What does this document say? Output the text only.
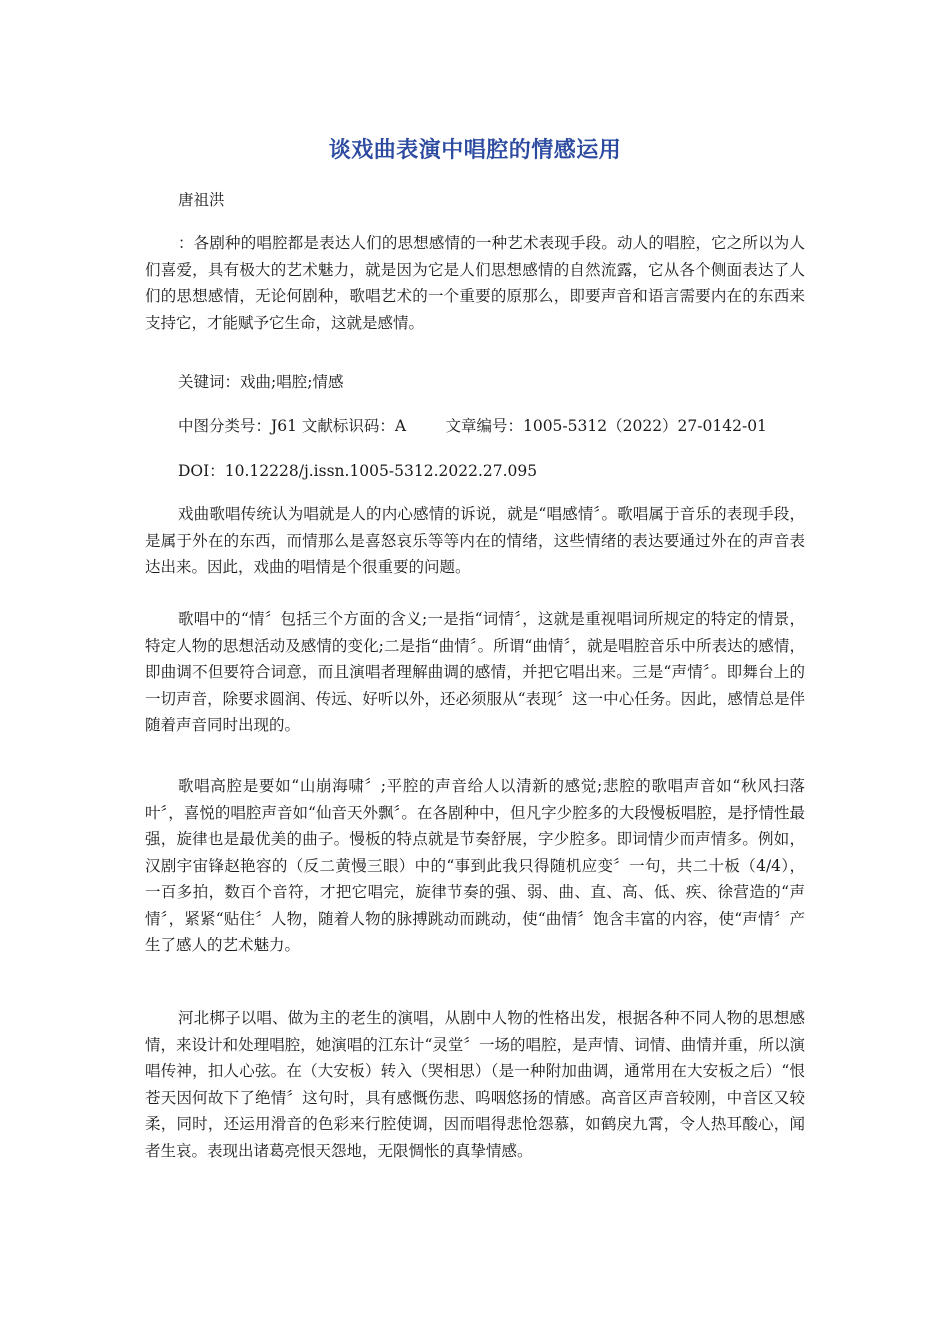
谈戏曲表演中唱腔的情感运用
唐祖洪

：各剧种的唱腔都是表达人们的思想感情的一种艺术表现手段。动人的唱腔，它之所以为人们喜爱，具有极大的艺术魅力，就是因为它是人们思想感情的自然流露，它从各个侧面表达了人们的思想感情，无论何剧种，歌唱艺术的一个重要的原那么，即要声音和语言需要内在的东西来支持它，才能赋予它生命，这就是感情。

关键词：戏曲;唱腔;情感
中图分类号：J61 文献标识码：A        文章编号：1005-5312（2022）27-0142-01
DOI：10.12228/j.issn.1005-5312.2022.27.095

戏曲歌唱传统认为唱就是人的内心感情的诉说，就是“唱感情〞。歌唱属于音乐的表现手段，是属于外在的东西，而情那么是喜怒哀乐等等内在的情绪，这些情绪的表达要通过外在的声音表达出来。因此，戏曲的唱情是个很重要的问题。

歌唱中的“情〞包括三个方面的含义;一是指“词情〞，这就是重视唱词所规定的特定的情景，特定人物的思想活动及感情的变化;二是指“曲情〞。所谓“曲情〞，就是唱腔音乐中所表达的感情，即曲调不但要符合词意，而且演唱者理解曲调的感情，并把它唱出来。三是“声情〞。即舞台上的一切声音，除要求圆润、传远、好听以外，还必须服从“表现〞这一中心任务。因此，感情总是伴随着声音同时出现的。

歌唱高腔是要如“山崩海啸〞;平腔的声音给人以清新的感觉;悲腔的歌唱声音如“秋风扫落叶〞，喜悦的唱腔声音如“仙音天外飘〞。在各剧种中，但凡字少腔多的大段慢板唱腔，是抒情性最强，旋律也是最优美的曲子。慢板的特点就是节奏舒展，字少腔多。即词情少而声情多。例如，汉剧宇宙锋赵艳容的（反二黄慢三眼）中的“事到此我只得随机应变〞一句，共二十板（4/4），一百多拍，数百个音符，才把它唱完，旋律节奏的强、弱、曲、直、高、低、疾、徐营造的“声情〞，紧紧“贴住〞人物，随着人物的脉搏跳动而跳动，使“曲情〞饱含丰富的内容，使“声情〞产生了感人的艺术魅力。

河北梆子以唱、做为主的老生的演唱，从剧中人物的性格出发，根据各种不同人物的思想感情，来设计和处理唱腔，她演唱的江东计“灵堂〞一场的唱腔，是声情、词情、曲情并重，所以演唱传神，扣人心弦。在（大安板）转入（哭相思）（是一种附加曲调，通常用在大安板之后）“恨苍天因何故下了绝情〞这句时，具有感慨伤悲、呜咽悠扬的情感。高音区声音较刚，中音区又较柔，同时，还运用滑音的色彩来行腔使调，因而唱得悲怆怨慕，如鹤戾九霄，令人热耳酸心，闻者生哀。表现出诸葛亮恨天怨地，无限惆怅的真挚情感。
